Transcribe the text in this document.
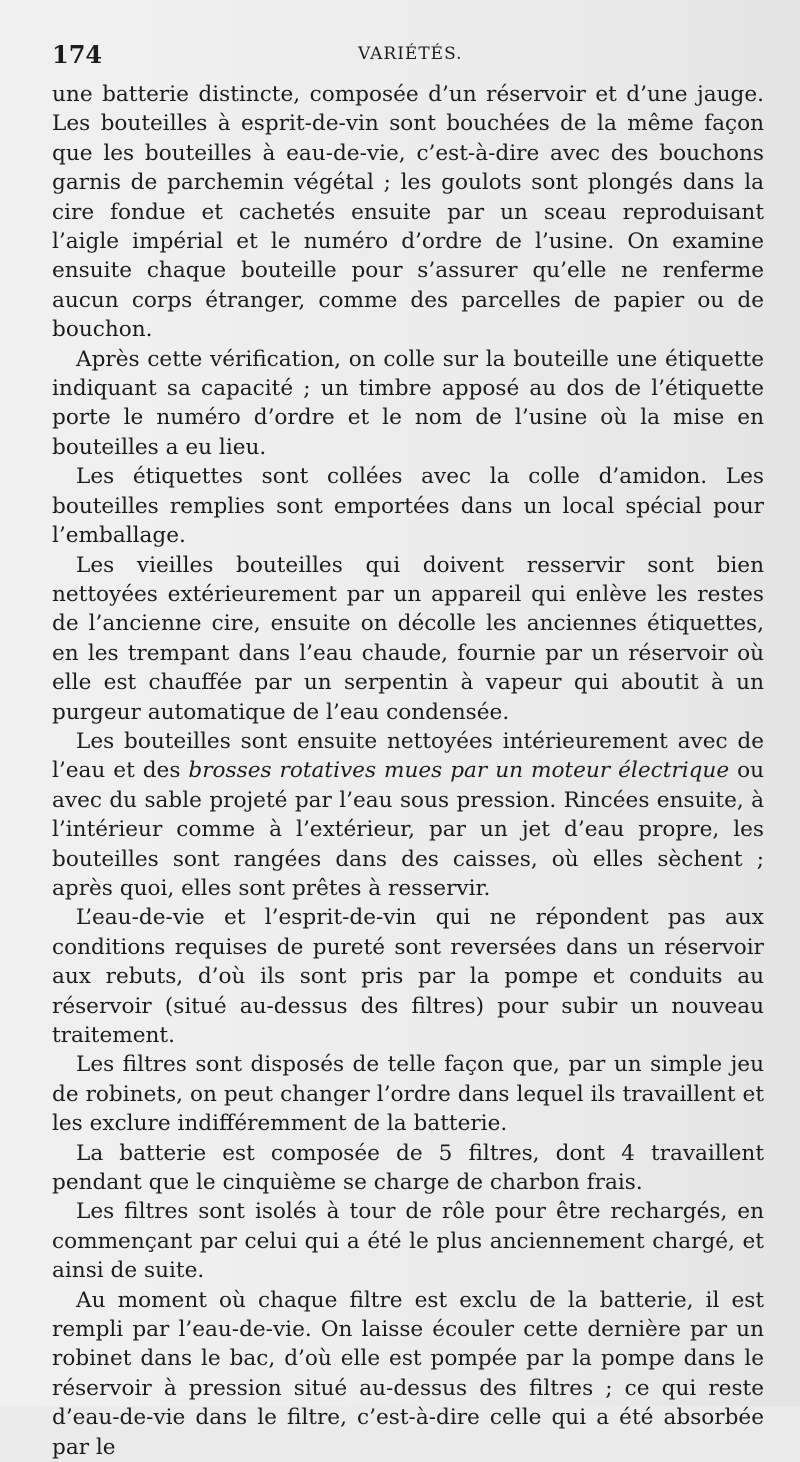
174	VARIÉTÉS.

une batterie distincte, composée d’un réservoir et d’une jauge. Les bouteilles à esprit-de-vin sont bouchées de la même façon que les bouteilles à eau-de-vie, c’est-à-dire avec des bouchons garnis de parchemin végétal ; les goulots sont plongés dans la cire fondue et cachetés ensuite par un sceau reproduisant l’aigle impérial et le numéro d’ordre de l’usine. On examine ensuite chaque bouteille pour s’assurer qu’elle ne renferme aucun corps étranger, comme des parcelles de papier ou de bouchon.

Après cette vérification, on colle sur la bouteille une étiquette indiquant sa capacité ; un timbre apposé au dos de l’étiquette porte le numéro d’ordre et le nom de l’usine où la mise en bouteilles a eu lieu.

Les étiquettes sont collées avec la colle d’amidon. Les bouteilles remplies sont emportées dans un local spécial pour l’emballage.

Les vieilles bouteilles qui doivent resservir sont bien nettoyées extérieurement par un appareil qui enlève les restes de l’ancienne cire, ensuite on décolle les anciennes étiquettes, en les trempant dans l’eau chaude, fournie par un réservoir où elle est chauffée par un serpentin à vapeur qui aboutit à un purgeur automatique de l’eau condensée.

Les bouteilles sont ensuite nettoyées intérieurement avec de l’eau et des brosses rotatives mues par un moteur électrique ou avec du sable projeté par l’eau sous pression. Rincées ensuite, à l’intérieur comme à l’extérieur, par un jet d’eau propre, les bouteilles sont rangées dans des caisses, où elles sèchent ; après quoi, elles sont prêtes à resservir.

L’eau-de-vie et l’esprit-de-vin qui ne répondent pas aux conditions requises de pureté sont reversées dans un réservoir aux rebuts, d’où ils sont pris par la pompe et conduits au réservoir (situé au-dessus des filtres) pour subir un nouveau traitement.

Les filtres sont disposés de telle façon que, par un simple jeu de robinets, on peut changer l’ordre dans lequel ils travaillent et les exclure indifféremment de la batterie.

La batterie est composée de 5 filtres, dont 4 travaillent pendant que le cinquième se charge de charbon frais.

Les filtres sont isolés à tour de rôle pour être rechargés, en commençant par celui qui a été le plus anciennement chargé, et ainsi de suite.

Au moment où chaque filtre est exclu de la batterie, il est rempli par l’eau-de-vie. On laisse écouler cette dernière par un robinet dans le bac, d’où elle est pompée par la pompe dans le réservoir à pression situé au-dessus des filtres ; ce qui reste d’eau-de-vie dans le filtre, c’est-à-dire celle qui a été absorbée par le
